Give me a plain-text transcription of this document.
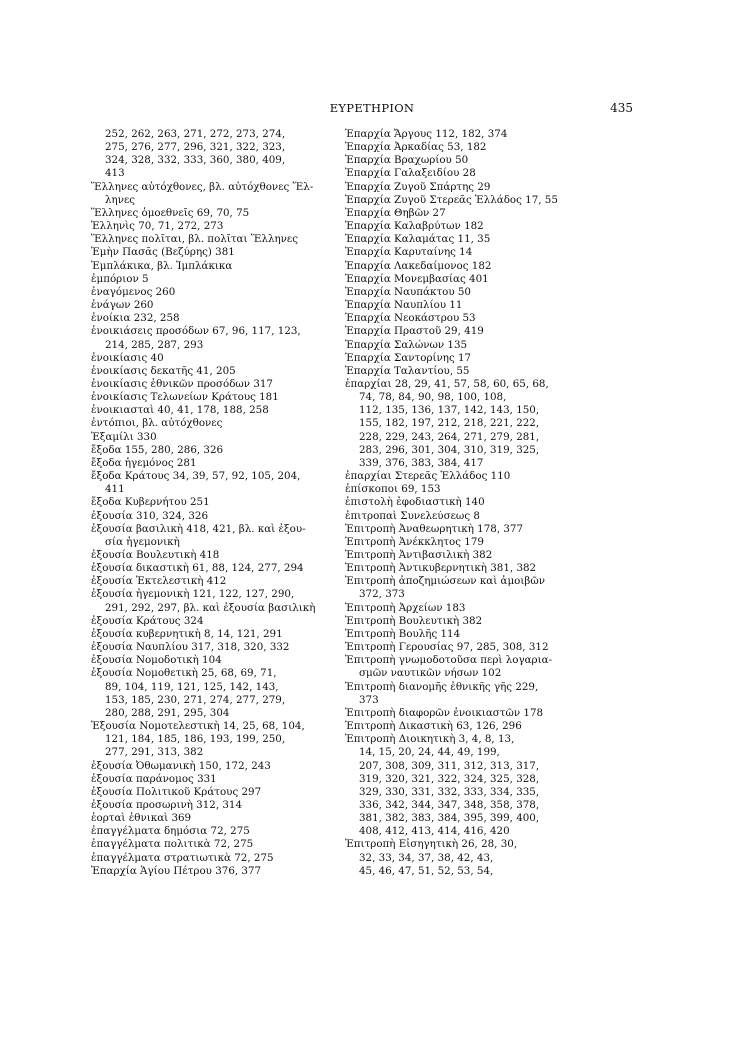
ΕΥΡΕΤΗΡΙΟΝ	435
252, 262, 263, 271, 272, 273, 274,
275, 276, 277, 296, 321, 322, 323,
324, 328, 332, 333, 360, 380, 409,
413
Ἕλληνες αὐτόχθονες, βλ. αὐτόχθονες Ἕλ-
ληνες
Ἕλληνες ὁμοεθνεῖς 69, 70, 75
Ἑλληνὶς 70, 71, 272, 273
Ἕλληνες πολῖται, βλ. πολῖται Ἕλληνες
Ἐμὴν Πασᾶς (Βεζύρης) 381
Ἐμπλάκικα, βλ. Ἰμπλάκικα
ἐμπόριον 5
ἐναγόμενος 260
ἐνάγων 260
ἐνοίκια 232, 258
ἐνοικιάσεις προσόδων 67, 96, 117, 123,
214, 285, 287, 293
ἐνοικίασις 40
ἐνοικίασις δεκατῆς 41, 205
ἐνοικίασις ἐθνικῶν προσόδων 317
ἐνοικίασις Τελωνείων Κράτους 181
ἐνοικιασταὶ 40, 41, 178, 188, 258
ἐντόπιοι, βλ. αὐτόχθονες
Ἐξαμίλι 330
ἔξοδα 155, 280, 286, 326
ἔξοδα ἡγεμόνος 281
ἔξοδα Κράτους 34, 39, 57, 92, 105, 204,
411
ἔξοδα Κυβερνήτου 251
ἐξουσία 310, 324, 326
ἐξουσία βασιλικὴ 418, 421, βλ. καὶ ἐξου-
σία ἡγεμονικὴ
ἐξουσία Βουλευτικὴ 418
ἐξουσία δικαστικὴ 61, 88, 124, 277, 294
ἐξουσία Ἐκτελεστικὴ 412
ἐξουσία ἡγεμονικὴ 121, 122, 127, 290,
291, 292, 297, βλ. καὶ ἐξουσία βασιλικὴ
ἐξουσία Κράτους 324
ἐξουσία κυβερνητικὴ 8, 14, 121, 291
ἐξουσία Ναυπλίου 317, 318, 320, 332
ἐξουσία Νομοδοτικὴ 104
ἐξουσία Νομοθετικὴ 25, 68, 69, 71,
89, 104, 119, 121, 125, 142, 143,
153, 185, 230, 271, 274, 277, 279,
280, 288, 291, 295, 304
Ἐξουσία Νομοτελεστικὴ 14, 25, 68, 104,
121, 184, 185, 186, 193, 199, 250,
277, 291, 313, 382
ἐξουσία Ὀθωμανικὴ 150, 172, 243
ἐξουσία παράνομος 331
ἐξουσία Πολιτικοῦ Κράτους 297
ἐξουσία προσωρινὴ 312, 314
ἑορταὶ ἐθνικαὶ 369
ἐπαγγέλματα δημόσια 72, 275
ἐπαγγέλματα πολιτικὰ 72, 275
ἐπαγγέλματα στρατιωτικὰ 72, 275
Ἐπαρχία Ἁγίου Πέτρου 376, 377
Ἐπαρχία Ἄργους 112, 182, 374
Ἐπαρχία Ἀρκαδίας 53, 182
Ἐπαρχία Βραχωρίου 50
Ἐπαρχία Γαλαξειδίου 28
Ἐπαρχία Ζυγοῦ Σπάρτης 29
Ἐπαρχία Ζυγοῦ Στερεᾶς Ἑλλάδος 17, 55
Ἐπαρχία Θηβῶν 27
Ἐπαρχία Καλαβρύτων 182
Ἐπαρχία Καλαμάτας 11, 35
Ἐπαρχία Καρυταίνης 14
Ἐπαρχία Λακεδαίμονος 182
Ἐπαρχία Μονεμβασίας 401
Ἐπαρχία Ναυπάκτου 50
Ἐπαρχία Ναυπλίου 11
Ἐπαρχία Νεοκάστρου 53
Ἐπαρχία Πραστοῦ 29, 419
Ἐπαρχία Σαλώνων 135
Ἐπαρχία Σαντορίνης 17
Ἐπαρχία Ταλαντίου, 55
ἐπαρχίαι 28, 29, 41, 57, 58, 60, 65, 68,
74, 78, 84, 90, 98, 100, 108,
112, 135, 136, 137, 142, 143, 150,
155, 182, 197, 212, 218, 221, 222,
228, 229, 243, 264, 271, 279, 281,
283, 296, 301, 304, 310, 319, 325,
339, 376, 383, 384, 417
ἐπαρχίαι Στερεᾶς Ἑλλάδος 110
ἐπίσκοποι 69, 153
ἐπιστολὴ ἐφοδιαστικὴ 140
ἐπιτροπαὶ Συνελεύσεως 8
Ἐπιτροπὴ Ἀναθεωρητικὴ 178, 377
Ἐπιτροπὴ Ἀνέκκλητος 179
Ἐπιτροπὴ Ἀντιβασιλικὴ 382
Ἐπιτροπὴ Ἀντικυβερνητικὴ 381, 382
Ἐπιτροπὴ ἀποζημιώσεων καὶ ἀμοιβῶν
372, 373
Ἐπιτροπὴ Ἀρχείων 183
Ἐπιτροπὴ Βουλευτικὴ 382
Ἐπιτροπὴ Βουλῆς 114
Ἐπιτροπὴ Γερουσίας 97, 285, 308, 312
Ἐπιτροπὴ γνωμοδοτοῦσα περὶ λογαρια-
σμῶν ναυτικῶν νήσων 102
Ἐπιτροπὴ διανομῆς ἐθνικῆς γῆς 229,
373
Ἐπιτροπὴ διαφορῶν ἐνοικιαστῶν 178
Ἐπιτροπὴ Δικαστικὴ 63, 126, 296
Ἐπιτροπὴ Διοικητικὴ 3, 4, 8, 13,
14, 15, 20, 24, 44, 49, 199,
207, 308, 309, 311, 312, 313, 317,
319, 320, 321, 322, 324, 325, 328,
329, 330, 331, 332, 333, 334, 335,
336, 342, 344, 347, 348, 358, 378,
381, 382, 383, 384, 395, 399, 400,
408, 412, 413, 414, 416, 420
Ἐπιτροπὴ Εἰσηγητικὴ 26, 28, 30,
32, 33, 34, 37, 38, 42, 43,
45, 46, 47, 51, 52, 53, 54,
